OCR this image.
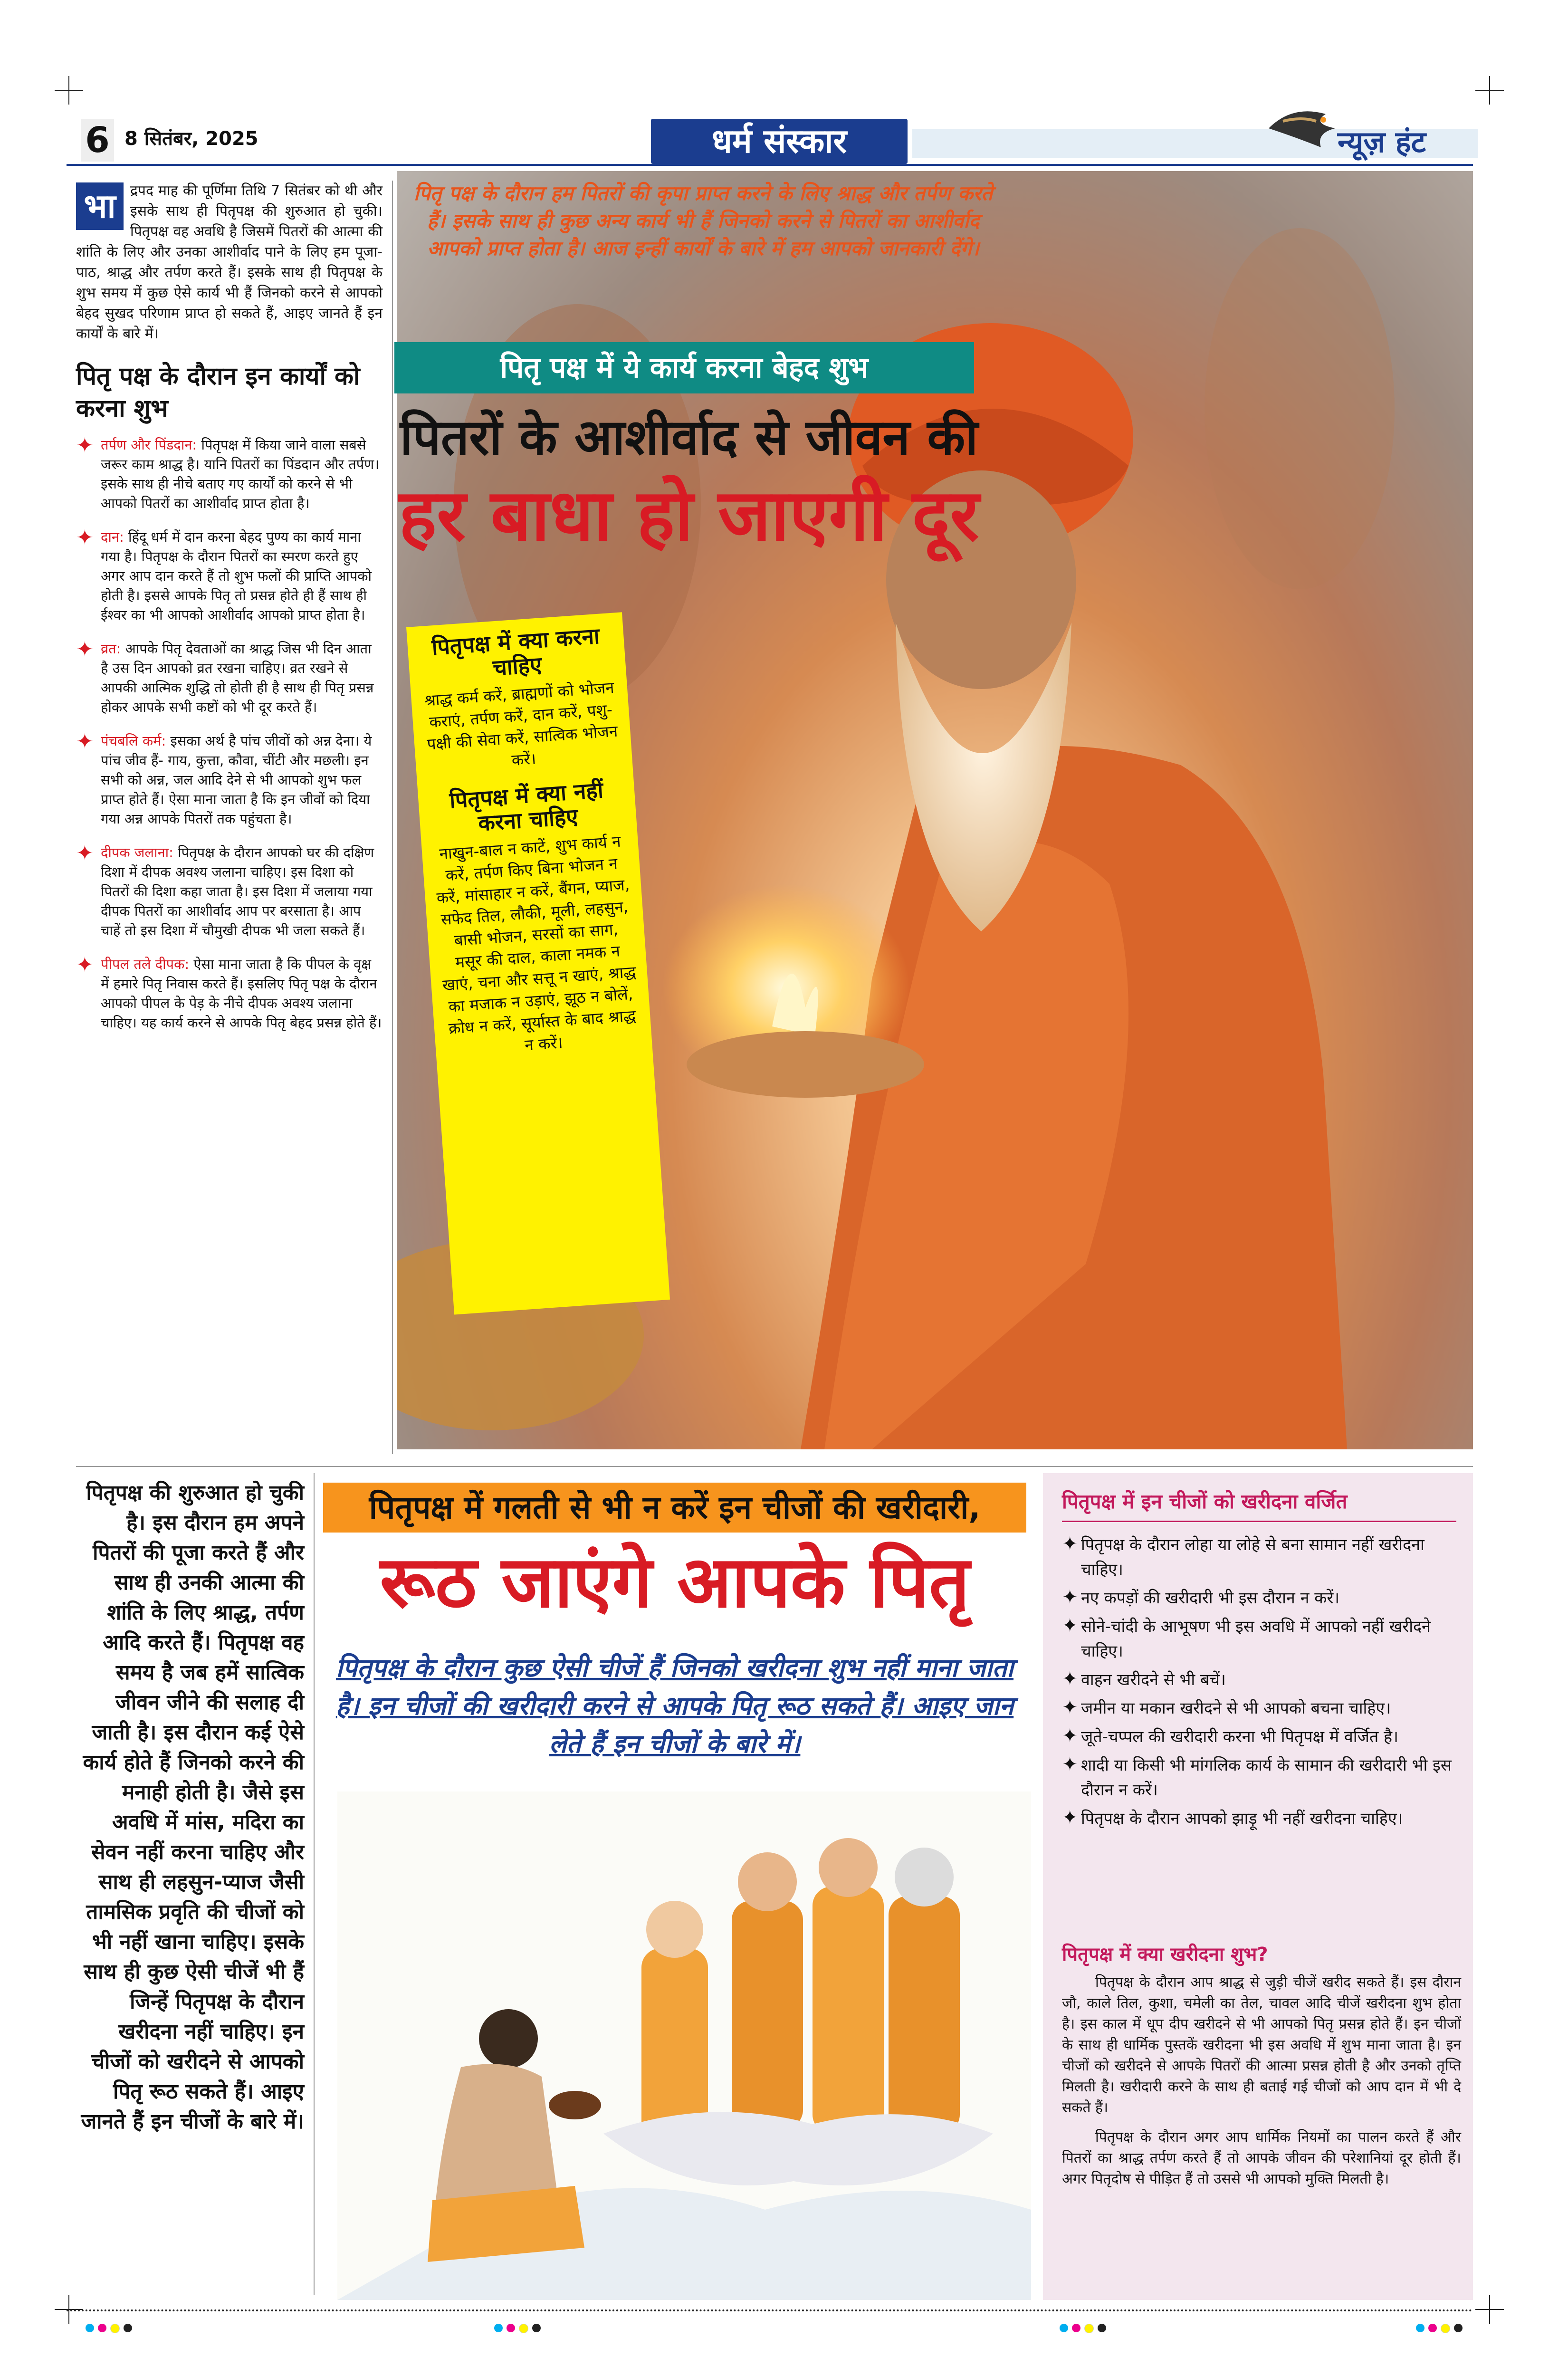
6 8 सितंबर, 2025	धर्म संस्कार	न्यूज़ हंट
भा	द्रपद माह की पूर्णिमा तिथि 7 सितंबर को थी और इसके साथ ही पितृपक्ष की शुरुआत हो चुकी। पितृपक्ष वह अवधि है जिसमें पितरों की आत्मा की शांति के लिए और उनका आशीर्वाद पाने के लिए हम पूजा-पाठ, श्राद्ध और तर्पण करते हैं। इसके साथ ही पितृपक्ष के शुभ समय में कुछ ऐसे कार्य भी हैं जिनको करने से आपको बेहद सुखद परिणाम प्राप्त हो सकते हैं, आइए जानते हैं इन कार्यों के बारे में।
पितृ पक्ष के दौरान इन कार्यों को करना शुभ
✦ तर्पण और पिंडदान: पितृपक्ष में किया जाने वाला सबसे जरूर काम श्राद्ध है। यानि पितरों का पिंडदान और तर्पण। इसके साथ ही नीचे बताए गए कार्यों को करने से भी आपको पितरों का आशीर्वाद प्राप्त होता है।
✦ दान: हिंदू धर्म में दान करना बेहद पुण्य का कार्य माना गया है। पितृपक्ष के दौरान पितरों का स्मरण करते हुए अगर आप दान करते हैं तो शुभ फलों की प्राप्ति आपको होती है। इससे आपके पितृ तो प्रसन्न होते ही हैं साथ ही ईश्वर का भी आपको आशीर्वाद आपको प्राप्त होता है।
✦ व्रत: आपके पितृ देवताओं का श्राद्ध जिस भी दिन आता है उस दिन आपको व्रत रखना चाहिए। व्रत रखने से आपकी आत्मिक शुद्धि तो होती ही है साथ ही पितृ प्रसन्न होकर आपके सभी कष्टों को भी दूर करते हैं।
✦ पंचबलि कर्म: इसका अर्थ है पांच जीवों को अन्न देना। ये पांच जीव हैं- गाय, कुत्ता, कौवा, चींटी और मछली। इन सभी को अन्न, जल आदि देने से भी आपको शुभ फल प्राप्त होते हैं। ऐसा माना जाता है कि इन जीवों को दिया गया अन्न आपके पितरों तक पहुंचता है।
✦ दीपक जलाना: पितृपक्ष के दौरान आपको घर की दक्षिण दिशा में दीपक अवश्य जलाना चाहिए। इस दिशा को पितरों की दिशा कहा जाता है। इस दिशा में जलाया गया दीपक पितरों का आशीर्वाद आप पर बरसाता है। आप चाहें तो इस दिशा में चौमुखी दीपक भी जला सकते हैं।
✦ पीपल तले दीपक: ऐसा माना जाता है कि पीपल के वृक्ष में हमारे पितृ निवास करते हैं। इसलिए पितृ पक्ष के दौरान आपको पीपल के पेड़ के नीचे दीपक अवश्य जलाना चाहिए। यह कार्य करने से आपके पितृ बेहद प्रसन्न होते हैं।
पितृ पक्ष के दौरान हम पितरों की कृपा प्राप्त करने के लिए श्राद्ध और तर्पण करते हैं। इसके साथ ही कुछ अन्य कार्य भी हैं जिनको करने से पितरों का आशीर्वाद आपको प्राप्त होता है। आज इन्हीं कार्यों के बारे में हम आपको जानकारी देंगे।
पितृ पक्ष में ये कार्य करना बेहद शुभ
पितरों के आशीर्वाद से जीवन की
हर बाधा हो जाएगी दूर
पितृपक्ष में क्या करना चाहिए
श्राद्ध कर्म करें, ब्राह्मणों को भोजन कराएं, तर्पण करें, दान करें, पशु-पक्षी की सेवा करें, सात्विक भोजन करें।
पितृपक्ष में क्या नहीं करना चाहिए
नाखुन-बाल न काटें, शुभ कार्य न करें, तर्पण किए बिना भोजन न करें, मांसाहार न करें, बैंगन, प्याज, सफेद तिल, लौकी, मूली, लहसुन, बासी भोजन, सरसों का साग, मसूर की दाल, काला नमक न खाएं, चना और सत्तू न खाएं, श्राद्ध का मजाक न उड़ाएं, झूठ न बोलें, क्रोध न करें, सूर्यास्त के बाद श्राद्ध न करें।
पितृपक्ष की शुरुआत हो चुकी है। इस दौरान हम अपने पितरों की पूजा करते हैं और साथ ही उनकी आत्मा की शांति के लिए श्राद्ध, तर्पण आदि करते हैं। पितृपक्ष वह समय है जब हमें सात्विक जीवन जीने की सलाह दी जाती है। इस दौरान कई ऐसे कार्य होते हैं जिनको करने की मनाही होती है। जैसे इस अवधि में मांस, मदिरा का सेवन नहीं करना चाहिए और साथ ही लहसुन-प्याज जैसी तामसिक प्रवृति की चीजों को भी नहीं खाना चाहिए। इसके साथ ही कुछ ऐसी चीजें भी हैं जिन्हें पितृपक्ष के दौरान खरीदना नहीं चाहिए। इन चीजों को खरीदने से आपको पितृ रूठ सकते हैं। आइए जानते हैं इन चीजों के बारे में।
पितृपक्ष में गलती से भी न करें इन चीजों की खरीदारी,
रूठ जाएंगे आपके पितृ
पितृपक्ष के दौरान कुछ ऐसी चीजें हैं जिनको खरीदना शुभ नहीं माना जाता है। इन चीजों की खरीदारी करने से आपके पितृ रूठ सकते हैं। आइए जान लेते हैं इन चीजों के बारे में।
पितृपक्ष में इन चीजों को खरीदना वर्जित
✦ पितृपक्ष के दौरान लोहा या लोहे से बना सामान नहीं खरीदना चाहिए।
✦ नए कपड़ों की खरीदारी भी इस दौरान न करें।
✦ सोने-चांदी के आभूषण भी इस अवधि में आपको नहीं खरीदने चाहिए।
✦ वाहन खरीदने से भी बचें।
✦ जमीन या मकान खरीदने से भी आपको बचना चाहिए।
✦ जूते-चप्पल की खरीदारी करना भी पितृपक्ष में वर्जित है।
✦ शादी या किसी भी मांगलिक कार्य के सामान की खरीदारी भी इस दौरान न करें।
✦ पितृपक्ष के दौरान आपको झाड़ू भी नहीं खरीदना चाहिए।
पितृपक्ष में क्या खरीदना शुभ?
पितृपक्ष के दौरान आप श्राद्ध से जुड़ी चीजें खरीद सकते हैं। इस दौरान जौ, काले तिल, कुशा, चमेली का तेल, चावल आदि चीजें खरीदना शुभ होता है। इस काल में धूप दीप खरीदने से भी आपको पितृ प्रसन्न होते हैं। इन चीजों के साथ ही धार्मिक पुस्तकें खरीदना भी इस अवधि में शुभ माना जाता है। इन चीजों को खरीदने से आपके पितरों की आत्मा प्रसन्न होती है और उनको तृप्ति मिलती है। खरीदारी करने के साथ ही बताई गई चीजों को आप दान में भी दे सकते हैं।
पितृपक्ष के दौरान अगर आप धार्मिक नियमों का पालन करते हैं और पितरों का श्राद्ध तर्पण करते हैं तो आपके जीवन की परेशानियां दूर होती हैं। अगर पितृदोष से पीड़ित हैं तो उससे भी आपको मुक्ति मिलती है।
